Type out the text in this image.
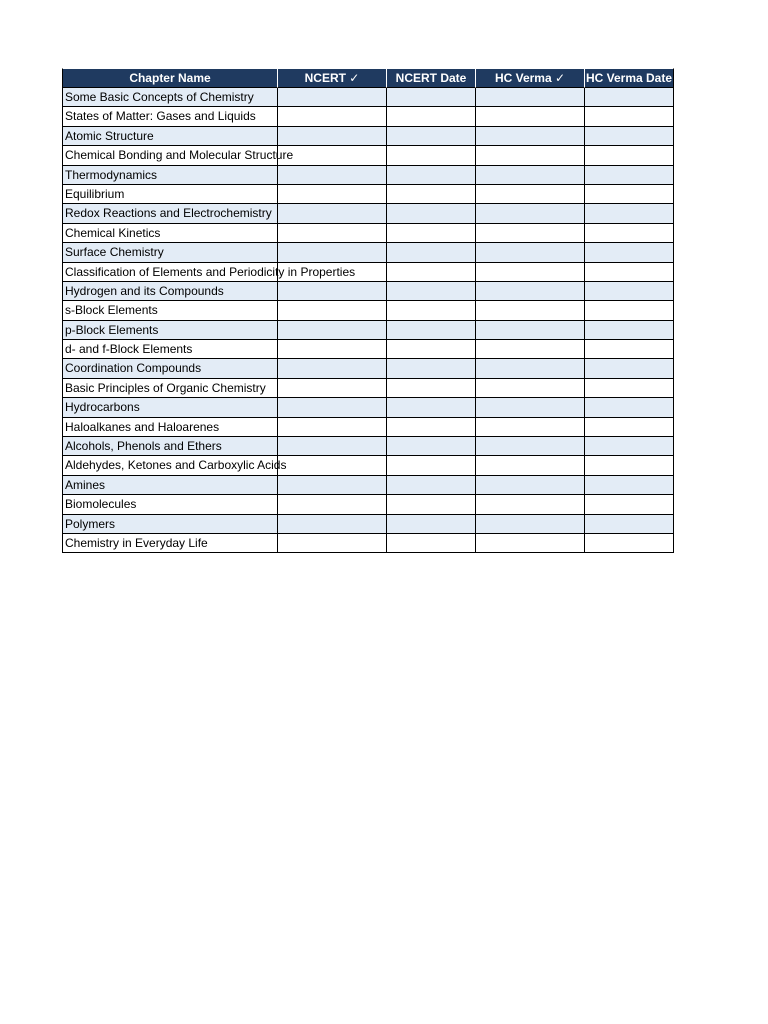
Chapter Name	NCERT ✓	NCERT Date	HC Verma ✓	HC Verma Date
Some Basic Concepts of Chemistry
States of Matter: Gases and Liquids
Atomic Structure
Chemical Bonding and Molecular Structure
Thermodynamics
Equilibrium
Redox Reactions and Electrochemistry
Chemical Kinetics
Surface Chemistry
Classification of Elements and Periodicity in Properties
Hydrogen and its Compounds
s-Block Elements
p-Block Elements
d- and f-Block Elements
Coordination Compounds
Basic Principles of Organic Chemistry
Hydrocarbons
Haloalkanes and Haloarenes
Alcohols, Phenols and Ethers
Aldehydes, Ketones and Carboxylic Acids
Amines
Biomolecules
Polymers
Chemistry in Everyday Life
